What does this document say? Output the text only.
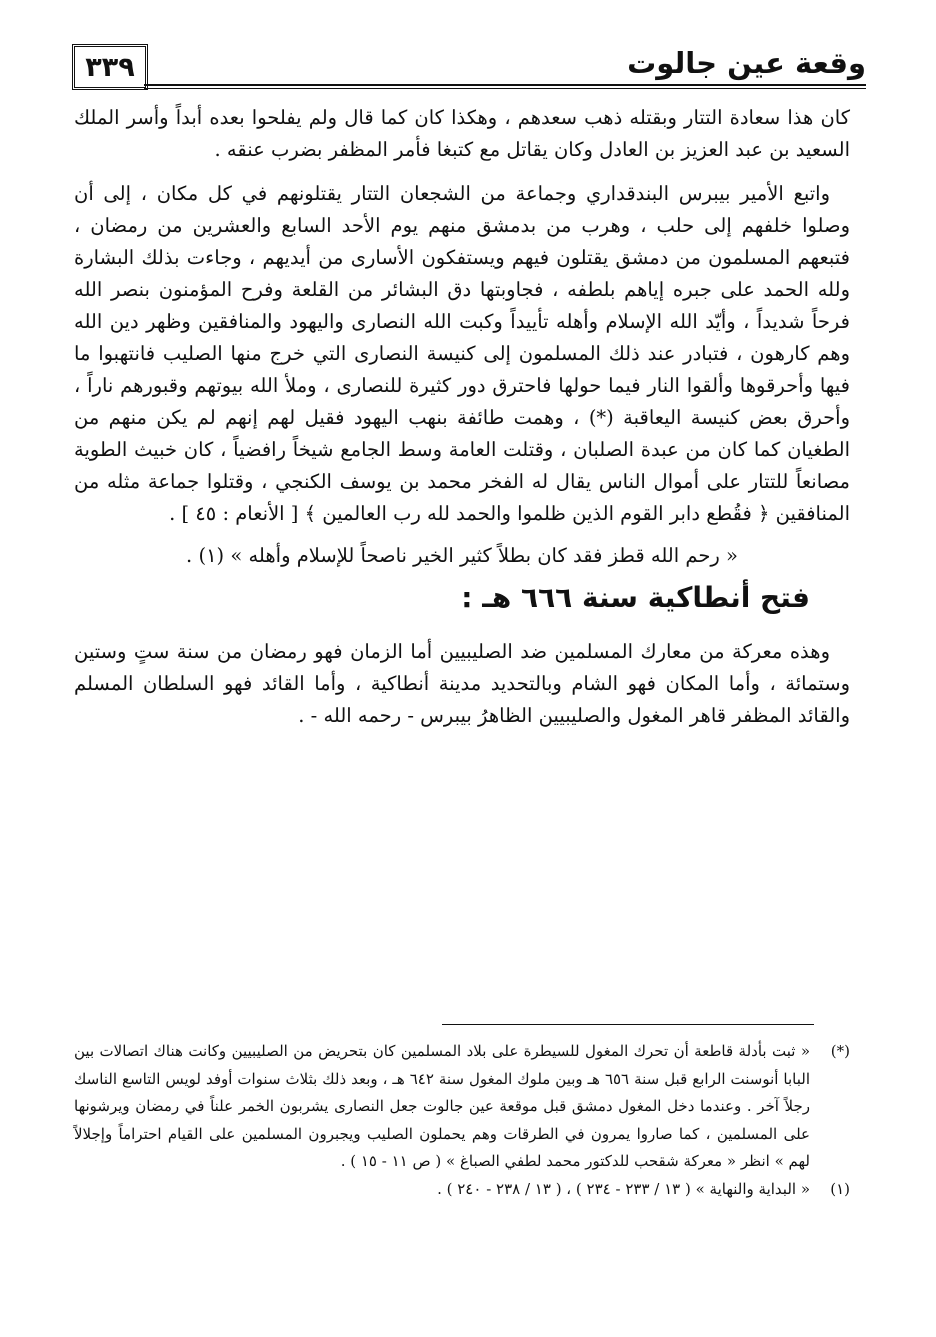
٣٣٩	وقعة عين جالوت

كان هذا سعادة التتار وبقتله ذهب سعدهم ، وهكذا كان كما قال ولم يفلحوا بعده أبداً وأسر الملك السعيد بن عبد العزيز بن العادل وكان يقاتل مع كتبغا فأمر المظفر بضرب عنقه .

واتبع الأمير بيبرس البندقداري وجماعة من الشجعان التتار يقتلونهم في كل مكان ، إلى أن وصلوا خلفهم إلى حلب ، وهرب من بدمشق منهم يوم الأحد السابع والعشرين من رمضان ، فتبعهم المسلمون من دمشق يقتلون فيهم ويستفكون الأسارى من أيديهم ، وجاءت بذلك البشارة ولله الحمد على جبره إياهم بلطفه ، فجاوبتها دق البشائر من القلعة وفرح المؤمنون بنصر الله فرحاً شديداً ، وأيّد الله الإسلام وأهله تأييداً وكبت الله النصارى واليهود والمنافقين وظهر دين الله وهم كارهون ، فتبادر عند ذلك المسلمون إلى كنيسة النصارى التي خرج منها الصليب فانتهبوا ما فيها وأحرقوها وألقوا النار فيما حولها فاحترق دور كثيرة للنصارى ، وملأ الله بيوتهم وقبورهم ناراً ، وأحرق بعض كنيسة اليعاقبة (*) ، وهمت طائفة بنهب اليهود فقيل لهم إنهم لم يكن منهم من الطغيان كما كان من عبدة الصلبان ، وقتلت العامة وسط الجامع شيخاً رافضياً ، كان خبيث الطوية مصانعاً للتتار على أموال الناس يقال له الفخر محمد بن يوسف الكنجي ، وقتلوا جماعة مثله من المنافقين ﴿ فقُطع دابر القوم الذين ظلموا والحمد لله رب العالمين ﴾ [ الأنعام : ٤٥ ] .

« رحم الله قطز فقد كان بطلاً كثير الخير ناصحاً للإسلام وأهله » (١) .

فتح أنطاكية سنة ٦٦٦ هـ :

وهذه معركة من معارك المسلمين ضد الصليبيين أما الزمان فهو رمضان من سنة ستٍ وستين وستمائة ، وأما المكان فهو الشام وبالتحديد مدينة أنطاكية ، وأما القائد فهو السلطان المسلم والقائد المظفر قاهر المغول والصليبيين الظاهرُ بيبرس - رحمه الله - .

(*)
« ثبت بأدلة قاطعة أن تحرك المغول للسيطرة على بلاد المسلمين كان بتحريض من الصليبيين وكانت هناك اتصالات بين البابا أنوسنت الرابع قبل سنة ٦٥٦ هـ وبين ملوك المغول سنة ٦٤٢ هـ ، وبعد ذلك بثلاث سنوات أوفد لويس التاسع الناسك رجلاً آخر . وعندما دخل المغول دمشق قبل موقعة عين جالوت جعل النصارى يشربون الخمر علناً في رمضان ويرشونها على المسلمين ، كما صاروا يمرون في الطرقات وهم يحملون الصليب ويجبرون المسلمين على القيام احتراماً وإجلالاً لهم » انظر « معركة شقحب للدكتور محمد لطفي الصباغ » ( ص ١١ - ١٥ ) .
(١)
« البداية والنهاية » ( ١٣ / ٢٣٣ - ٢٣٤ ) ، ( ١٣ / ٢٣٨ - ٢٤٠ ) .
